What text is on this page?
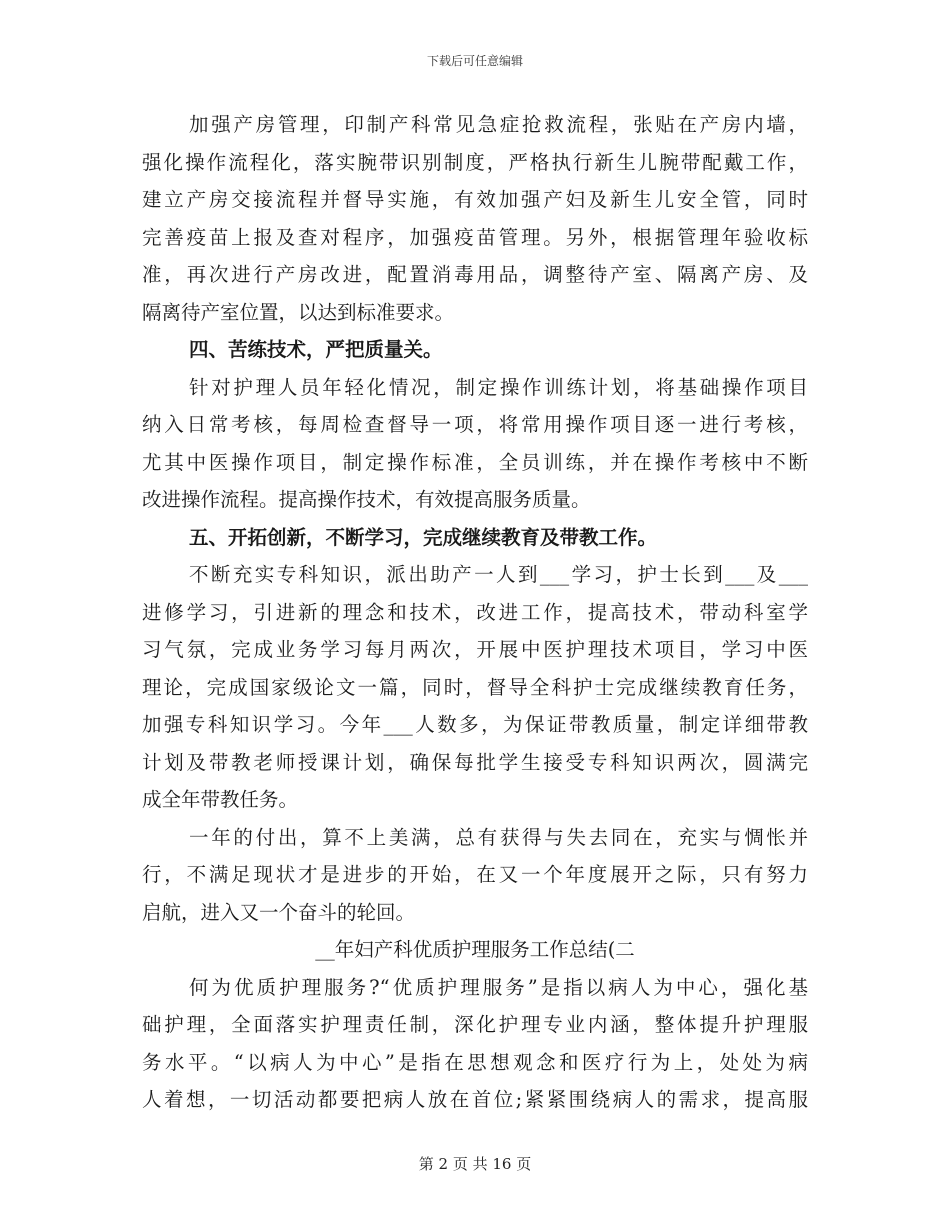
下载后可任意编辑
加强产房管理，印制产科常见急症抢救流程，张贴在产房内墙，
强化操作流程化，落实腕带识别制度，严格执行新生儿腕带配戴工作，
建立产房交接流程并督导实施，有效加强产妇及新生儿安全管，同时
完善疫苗上报及查对程序，加强疫苗管理。另外，根据管理年验收标
准，再次进行产房改进，配置消毒用品，调整待产室、隔离产房、及
隔离待产室位置，以达到标准要求。
四、苦练技术，严把质量关。
针对护理人员年轻化情况，制定操作训练计划，将基础操作项目
纳入日常考核，每周检查督导一项，将常用操作项目逐一进行考核，
尤其中医操作项目，制定操作标准，全员训练，并在操作考核中不断
改进操作流程。提高操作技术，有效提高服务质量。
五、开拓创新，不断学习，完成继续教育及带教工作。
不断充实专科知识，派出助产一人到___学习，护士长到___及___
进修学习，引进新的理念和技术，改进工作，提高技术，带动科室学
习气氛，完成业务学习每月两次，开展中医护理技术项目，学习中医
理论，完成国家级论文一篇，同时，督导全科护士完成继续教育任务，
加强专科知识学习。今年___人数多，为保证带教质量，制定详细带教
计划及带教老师授课计划，确保每批学生接受专科知识两次，圆满完
成全年带教任务。
一年的付出，算不上美满，总有获得与失去同在，充实与惆怅并
行，不满足现状才是进步的开始，在又一个年度展开之际，只有努力
启航，进入又一个奋斗的轮回。
__年妇产科优质护理服务工作总结(二
何为优质护理服务?“优质护理服务”是指以病人为中心，强化基
础护理，全面落实护理责任制，深化护理专业内涵，整体提升护理服
务水平。“以病人为中心”是指在思想观念和医疗行为上，处处为病
人着想，一切活动都要把病人放在首位;紧紧围绕病人的需求，提高服
第 2 页 共 16 页
